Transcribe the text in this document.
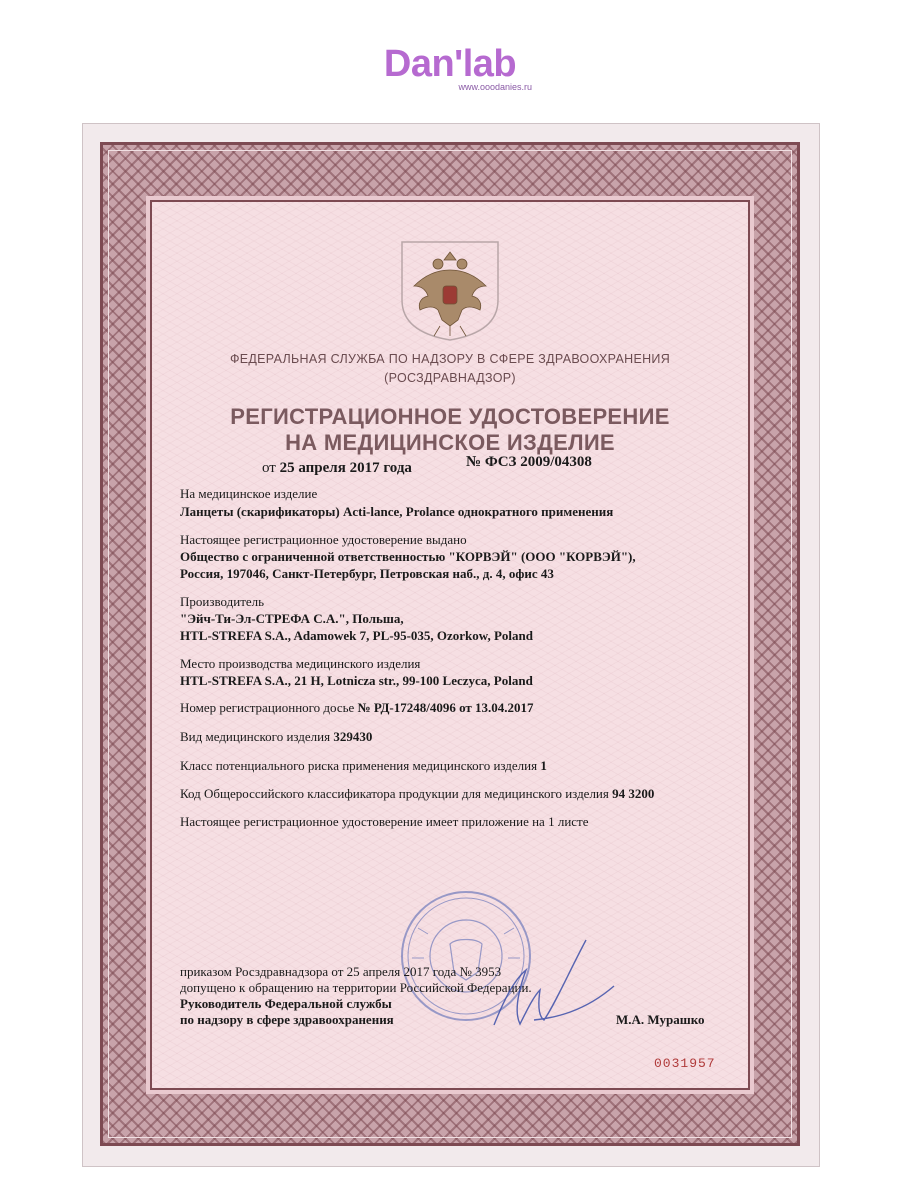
Dan'lab
www.ooodanies.ru
ФЕДЕРАЛЬНАЯ СЛУЖБА ПО НАДЗОРУ В СФЕРЕ ЗДРАВООХРАНЕНИЯ
(РОСЗДРАВНАДЗОР)
РЕГИСТРАЦИОННОЕ УДОСТОВЕРЕНИЕ
НА МЕДИЦИНСКОЕ ИЗДЕЛИЕ
от 25 апреля 2017 года	№ ФСЗ 2009/04308
На медицинское изделие
Ланцеты (скарификаторы) Acti-lance, Prolance однократного применения
Настоящее регистрационное удостоверение выдано
Общество с ограниченной ответственностью "КОРВЭЙ" (ООО "КОРВЭЙ"),
Россия, 197046, Санкт-Петербург, Петровская наб., д. 4, офис 43
Производитель
"Эйч-Ти-Эл-СТРЕФА С.А.", Польша,
HTL-STREFA S.A., Adamowek 7, PL-95-035, Ozorkow, Poland
Место производства медицинского изделия
HTL-STREFA S.A., 21 H, Lotnicza str., 99-100 Leczyca, Poland
Номер регистрационного досье № РД-17248/4096 от 13.04.2017
Вид медицинского изделия 329430
Класс потенциального риска применения медицинского изделия 1
Код Общероссийского классификатора продукции для медицинского изделия 94 3200
Настоящее регистрационное удостоверение имеет приложение на 1 листе
приказом Росздравнадзора от 25 апреля 2017 года № 3953
допущено к обращению на территории Российской Федерации.
Руководитель Федеральной службы
по надзору в сфере здравоохранения	М.А. Мурашко
0031957
